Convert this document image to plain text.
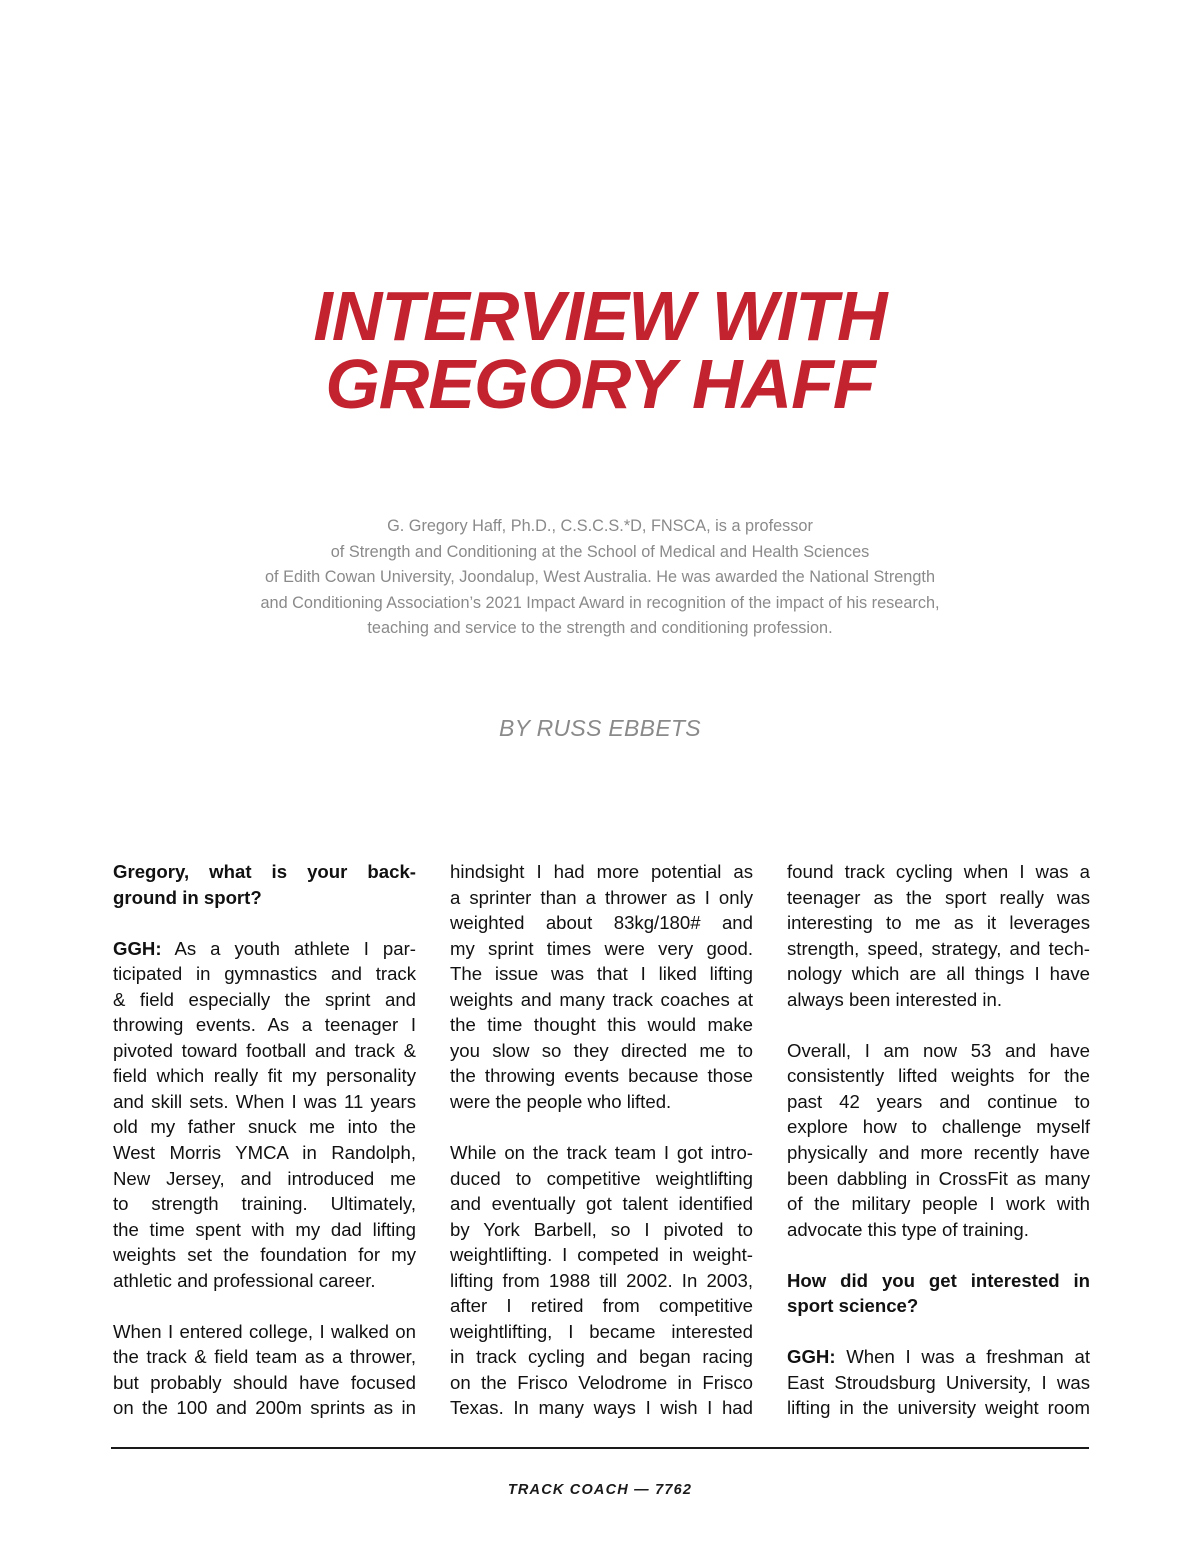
INTERVIEW WITH
GREGORY HAFF
G. Gregory Haff, Ph.D., C.S.C.S.*D, FNSCA, is a professor
of Strength and Conditioning at the School of Medical and Health Sciences
of Edith Cowan University, Joondalup, West Australia. He was awarded the National Strength
and Conditioning Association’s 2021 Impact Award in recognition of the impact of his research,
teaching and service to the strength and conditioning profession.
BY RUSS EBBETS
Gregory, what is your back-
ground in sport?
GGH: As a youth athlete I par-
ticipated in gymnastics and track
& field especially the sprint and
throwing events. As a teenager I
pivoted toward football and track &
field which really fit my personality
and skill sets. When I was 11 years
old my father snuck me into the
West Morris YMCA in Randolph,
New Jersey, and introduced me
to strength training. Ultimately,
the time spent with my dad lifting
weights set the foundation for my
athletic and professional career.
When I entered college, I walked on
the track & field team as a thrower,
but probably should have focused
on the 100 and 200m sprints as in
hindsight I had more potential as
a sprinter than a thrower as I only
weighted about 83kg/180# and
my sprint times were very good.
The issue was that I liked lifting
weights and many track coaches at
the time thought this would make
you slow so they directed me to
the throwing events because those
were the people who lifted.
While on the track team I got intro-
duced to competitive weightlifting
and eventually got talent identified
by York Barbell, so I pivoted to
weightlifting. I competed in weight-
lifting from 1988 till 2002. In 2003,
after I retired from competitive
weightlifting, I became interested
in track cycling and began racing
on the Frisco Velodrome in Frisco
Texas. In many ways I wish I had
found track cycling when I was a
teenager as the sport really was
interesting to me as it leverages
strength, speed, strategy, and tech-
nology which are all things I have
always been interested in.
Overall, I am now 53 and have
consistently lifted weights for the
past 42 years and continue to
explore how to challenge myself
physically and more recently have
been dabbling in CrossFit as many
of the military people I work with
advocate this type of training.
How did you get interested in
sport science?
GGH: When I was a freshman at
East Stroudsburg University, I was
lifting in the university weight room
TRACK COACH — 7762
